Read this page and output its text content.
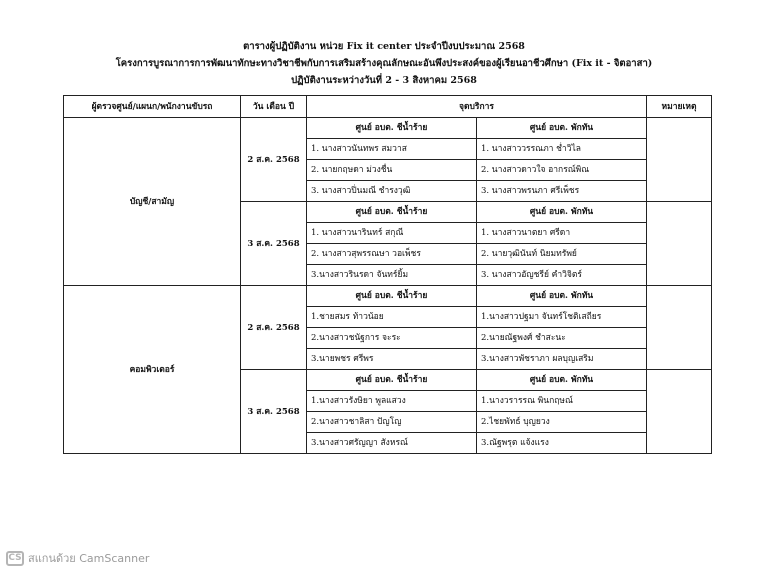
ตารางผู้ปฏิบัติงาน หน่วย Fix it center ประจำปีงบประมาณ 2568
โครงการบูรณาการการพัฒนาทักษะทางวิชาชีพกับการเสริมสร้างคุณลักษณะอันพึงประสงค์ของผู้เรียนอาชีวศึกษา (Fix it - จิตอาสา)
ปฏิบัติงานระหว่างวันที่ 2 - 3 สิงหาคม 2568
ผู้ตรวจศูนย์/แผนก/พนักงานขับรถ	วัน เดือน ปี	จุดบริการ		หมายเหตุ
บัญชี/สามัญ	2 ส.ค. 2568	ศูนย์ อบต. ชีน้ำร้าย	ศูนย์ อบต. พักทัน	
		1. นางสาวนันทพร สมวาส	1. นางสาววรรณภา ช่ำวิไล	
		2. นายกฤษดา ม่วงชื่น	2. นางสาวดาวใจ อากรณ์พิณ	
		3. นางสาวปิ่นมณี ชำรงวุฒิ	3. นางสาวพรนภา ศรีเพ็ชร	
	3 ส.ค. 2568	ศูนย์ อบต. ชีน้ำร้าย	ศูนย์ อบต. พักทัน	
		1. นางสาวนารินทร์ สกุณี	1. นางสาวนาตยา ศรีดา	
		2. นางสาวสุพรรณษา วอเพ็ชร	2. นายวุฒินันท์ นิยมทรัพย์	
		3.นางสาวรินรดา จันทร์ยิ้ม	3. นางสาวอัญชรีย์ คำวิจิตร์	
คอมพิวเตอร์	2 ส.ค. 2568	ศูนย์ อบต. ชีน้ำร้าย	ศูนย์ อบต. พักทัน	
		1.ชายสมร ท้าวน้อย	1.นางสาวปฐมา จันทร์โชติเสถียร	
		2.นางสาวชนัฐการ จะระ	2.นายณัฐพงศ์ ชำสะนะ	
		3.นายพชร ศรีพร	3.นางสาวพัชราภา ผลบุญเสริม	
	3 ส.ค. 2568	ศูนย์ อบต. ชีน้ำร้าย	ศูนย์ อบต. พักทัน	
		1.นางสาวรังษิยา พูลแสวง	1.นางวรารรณ พินกฤษณ์	
		2.นางสาวชาลิสา ปัญโญ	2.ไชยพัทธ์ บุญยวง	
		3.นางสาวศรัญญา สังหรณ์	3.ณัฐพรุต แจ้งแรง	
CS สแกนด้วย CamScanner
